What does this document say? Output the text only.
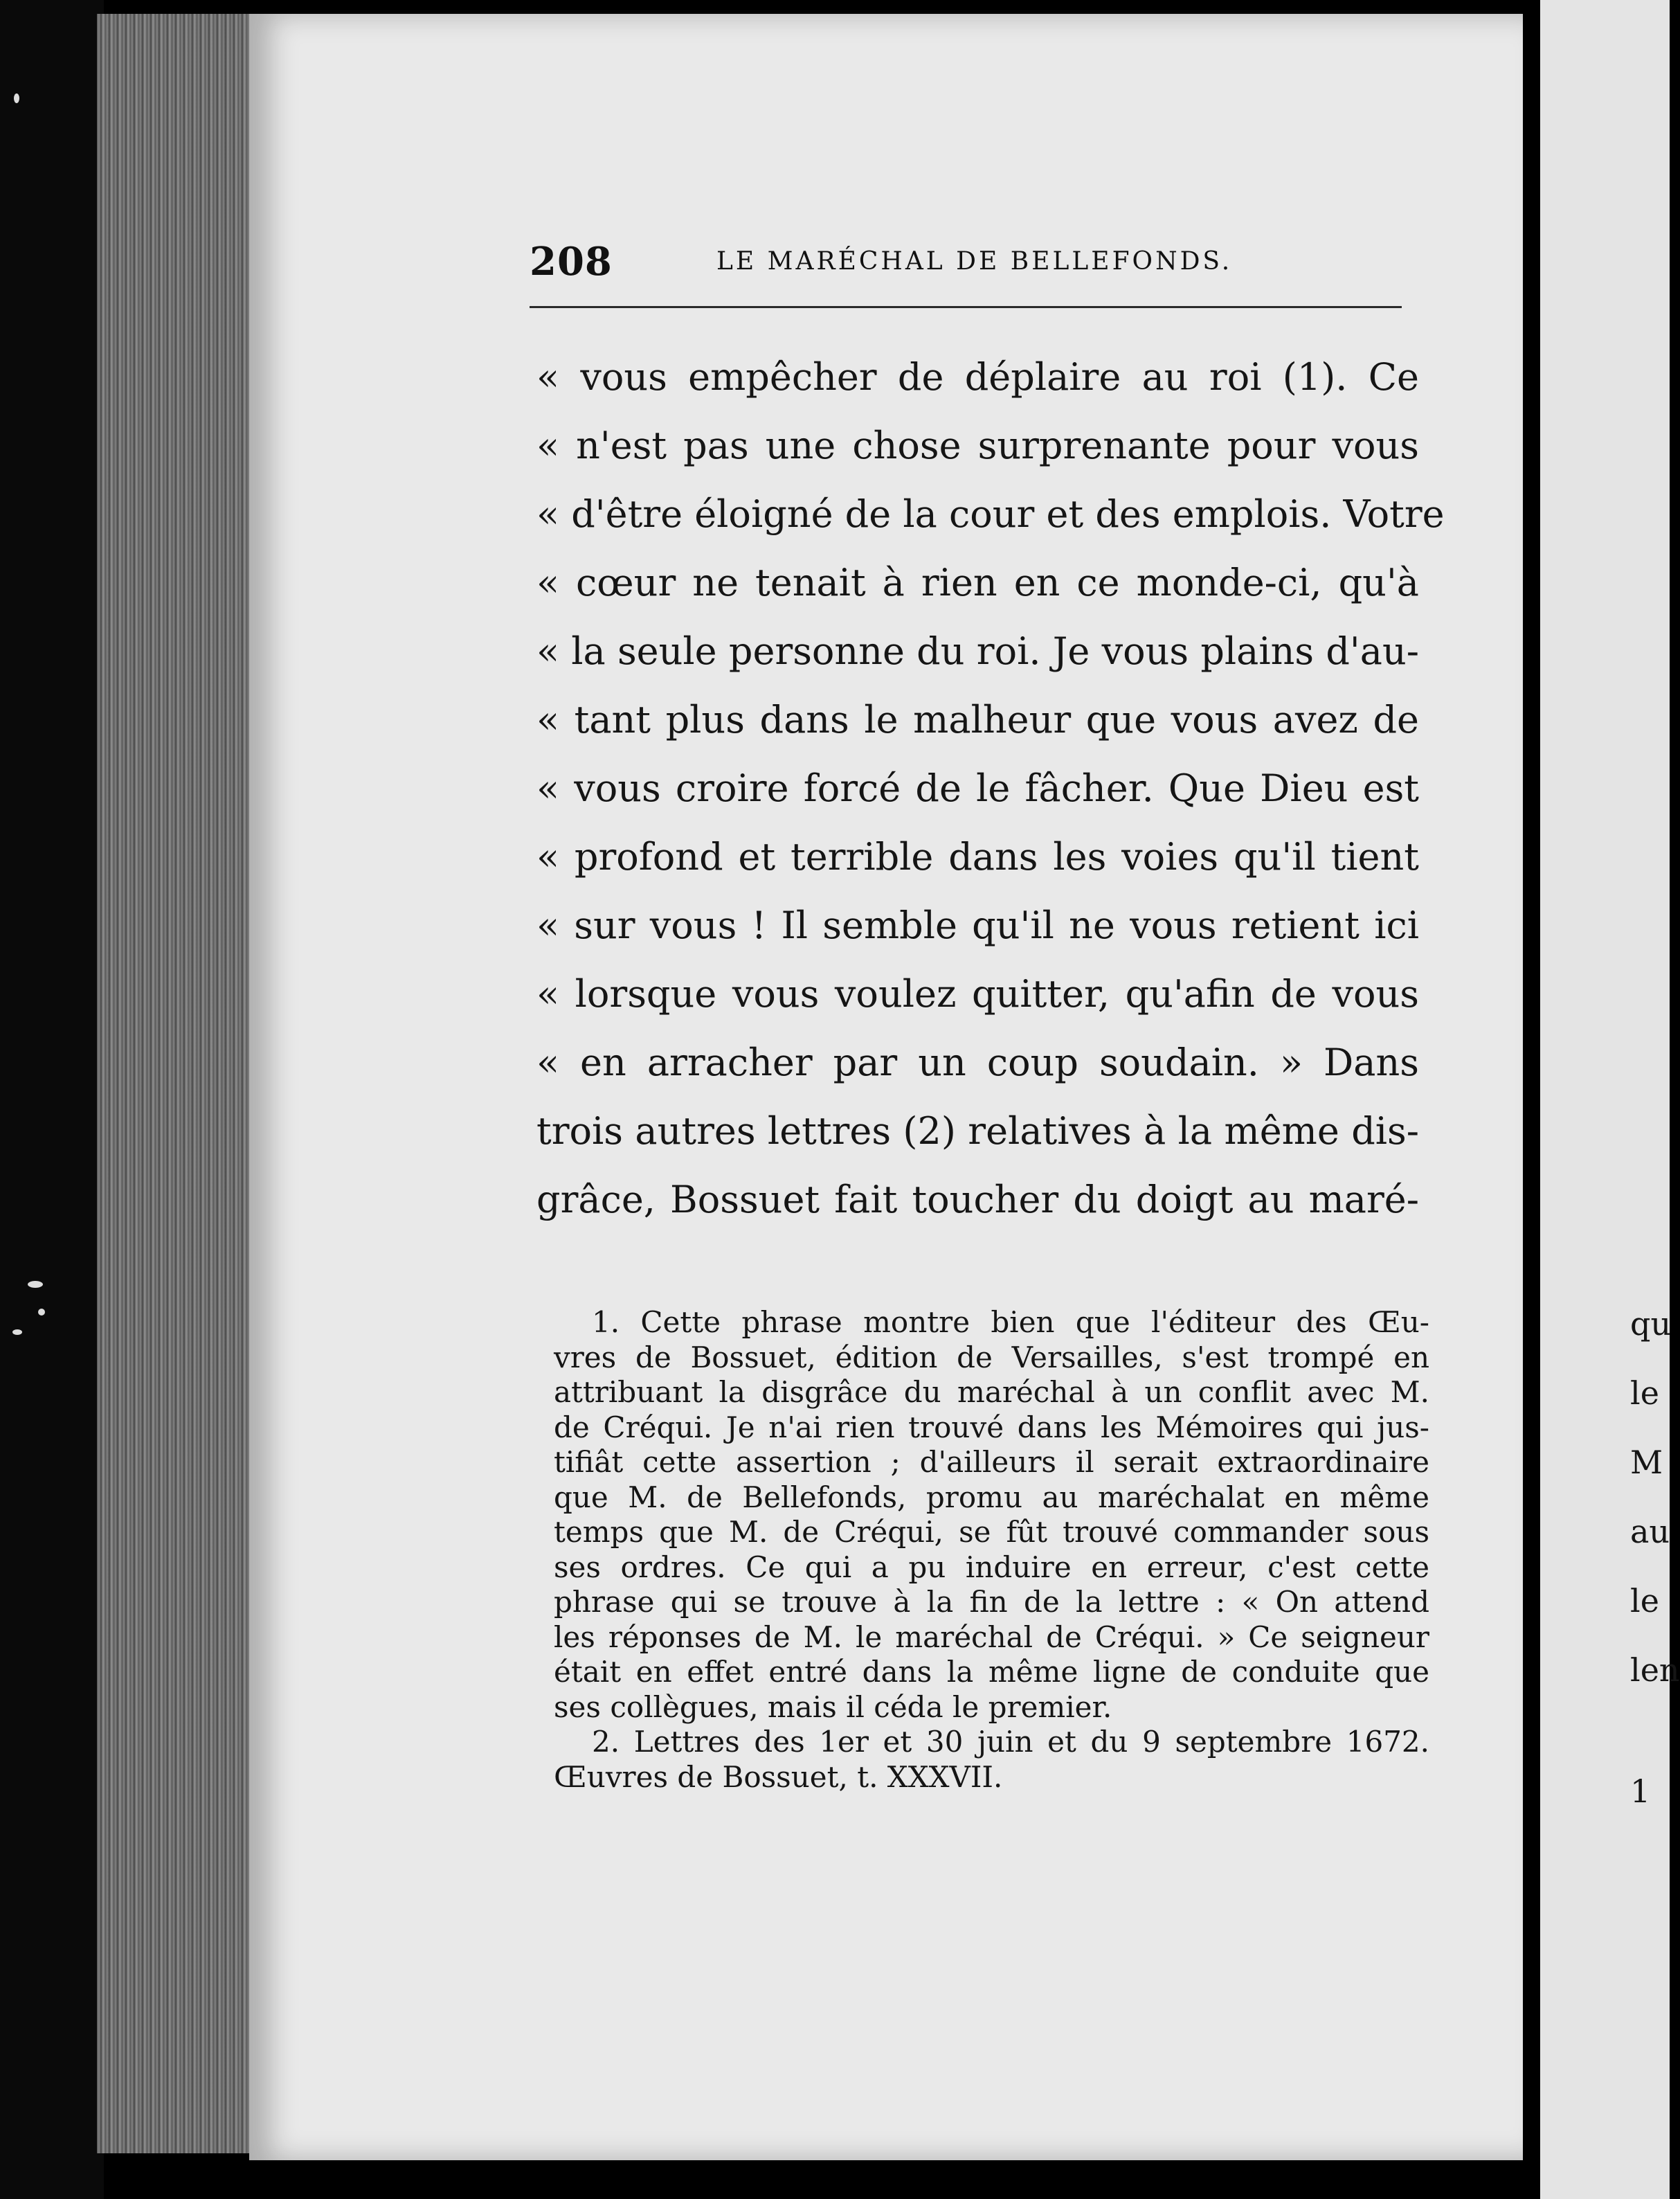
208	LE MARÉCHAL DE BELLEFONDS.
« vous empêcher de déplaire au roi (1). Ce
« n'est pas une chose surprenante pour vous
« d'être éloigné de la cour et des emplois. Votre
« cœur ne tenait à rien en ce monde-ci, qu'à
« la seule personne du roi. Je vous plains d'au-
« tant plus dans le malheur que vous avez de
« vous croire forcé de le fâcher. Que Dieu est
« profond et terrible dans les voies qu'il tient
« sur vous ! Il semble qu'il ne vous retient ici
« lorsque vous voulez quitter, qu'afin de vous
« en arracher par un coup soudain. » Dans
trois autres lettres (2) relatives à la même dis-
grâce, Bossuet fait toucher du doigt au maré-
1. Cette phrase montre bien que l'éditeur des Œu-
vres de Bossuet, édition de Versailles, s'est trompé en
attribuant la disgrâce du maréchal à un conflit avec M.
de Créqui. Je n'ai rien trouvé dans les Mémoires qui jus-
tifiât cette assertion ; d'ailleurs il serait extraordinaire
que M. de Bellefonds, promu au maréchalat en même
temps que M. de Créqui, se fût trouvé commander sous
ses ordres. Ce qui a pu induire en erreur, c'est cette
phrase qui se trouve à la fin de la lettre : « On attend
les réponses de M. le maréchal de Créqui. » Ce seigneur
était en effet entré dans la même ligne de conduite que
ses collègues, mais il céda le premier.
2. Lettres des 1er et 30 juin et du 9 septembre 1672.
Œuvres de Bossuet, t. XXXVII.
qu
le
M
au
le
len
1
